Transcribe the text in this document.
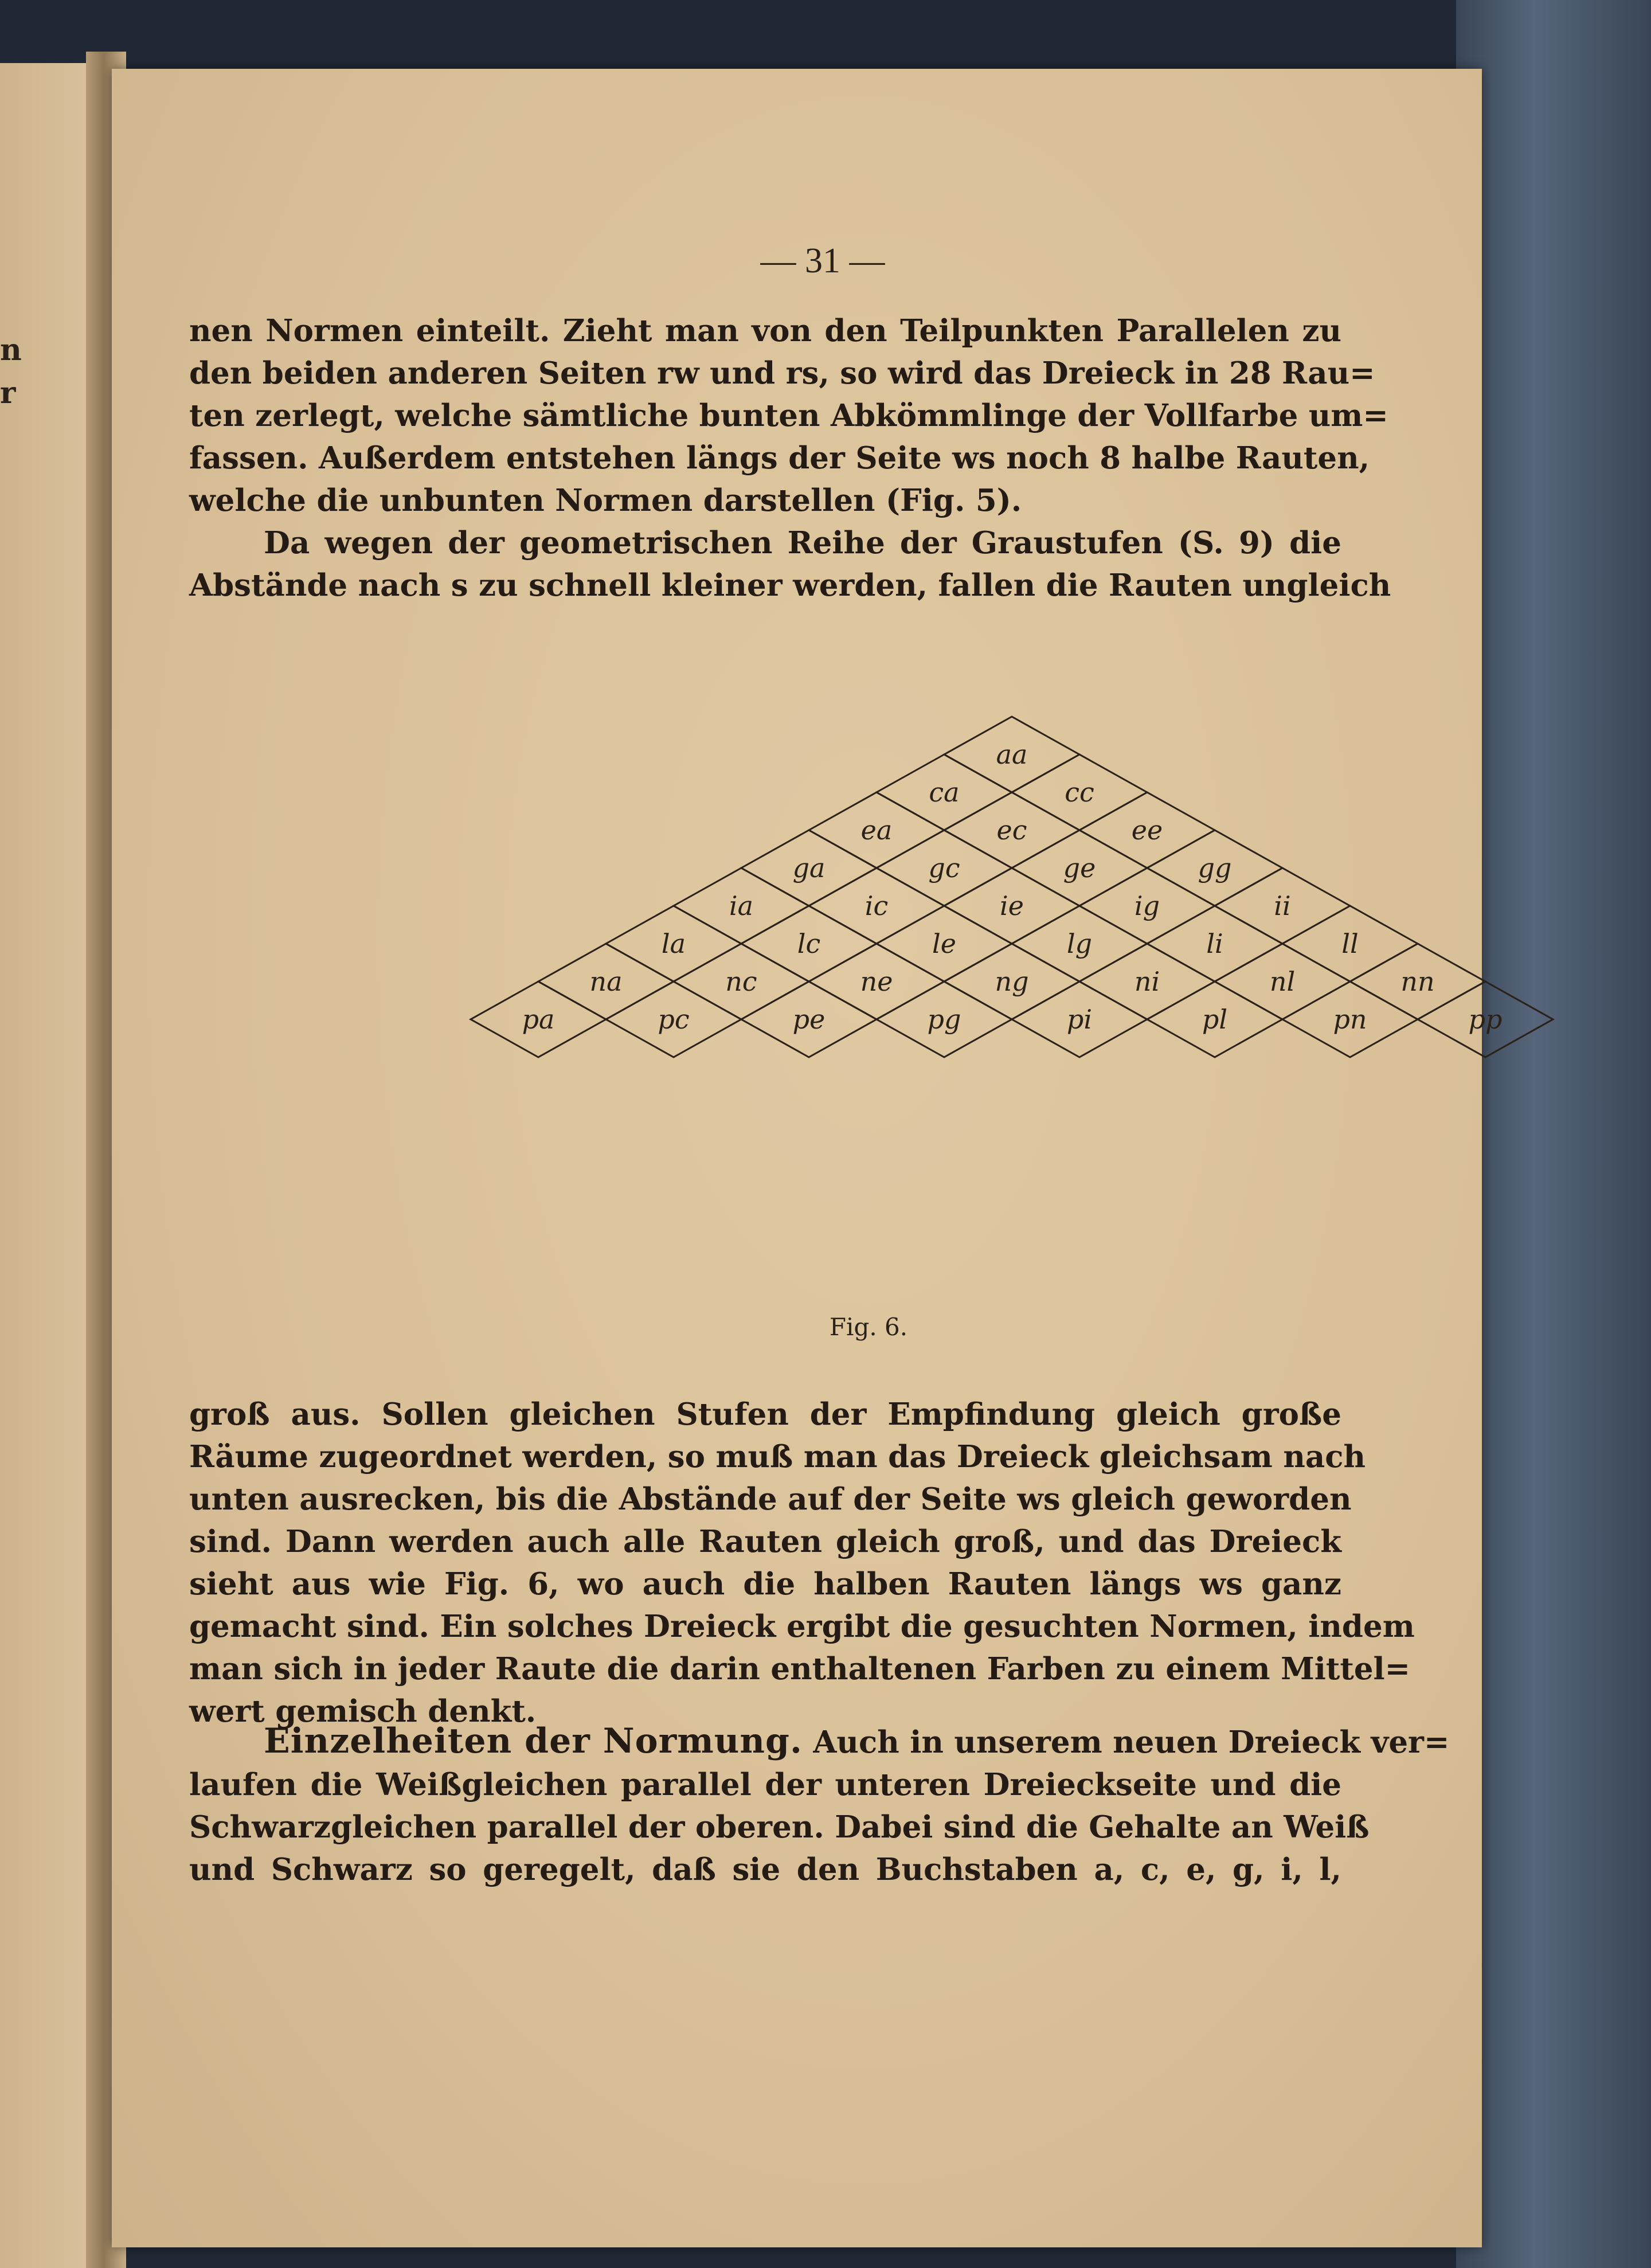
n
r
— 31 —
nen Normen einteilt. Zieht man von den Teilpunkten Parallelen zu
den beiden anderen Seiten rw und rs, so wird das Dreieck in 28 Rau=
ten zerlegt, welche sämtliche bunten Abkömmlinge der Vollfarbe um=
fassen. Außerdem entstehen längs der Seite ws noch 8 halbe Rauten,
welche die unbunten Normen darstellen (Fig. 5).
Da wegen der geometrischen Reihe der Graustufen (S. 9) die
Abstände nach s zu schnell kleiner werden, fallen die Rauten ungleich
aa
ca	cc
ea	ec	ee
ga	gc	ge	gg
ia	ic	ie	ig	ii
la	lc	le	lg	li	ll
na	nc	ne	ng	ni	nl	nn
pa	pc	pe	pg	pi	pl	pn	pp
Fig. 6.
groß aus. Sollen gleichen Stufen der Empfindung gleich große
Räume zugeordnet werden, so muß man das Dreieck gleichsam nach
unten ausrecken, bis die Abstände auf der Seite ws gleich geworden
sind. Dann werden auch alle Rauten gleich groß, und das Dreieck
sieht aus wie Fig. 6, wo auch die halben Rauten längs ws ganz
gemacht sind. Ein solches Dreieck ergibt die gesuchten Normen, indem
man sich in jeder Raute die darin enthaltenen Farben zu einem Mittel=
wert gemisch denkt.
Einzelheiten der Normung. Auch in unserem neuen Dreieck ver=
laufen die Weißgleichen parallel der unteren Dreieckseite und die
Schwarzgleichen parallel der oberen. Dabei sind die Gehalte an Weiß
und Schwarz so geregelt, daß sie den Buchstaben a, c, e, g, i, l,
